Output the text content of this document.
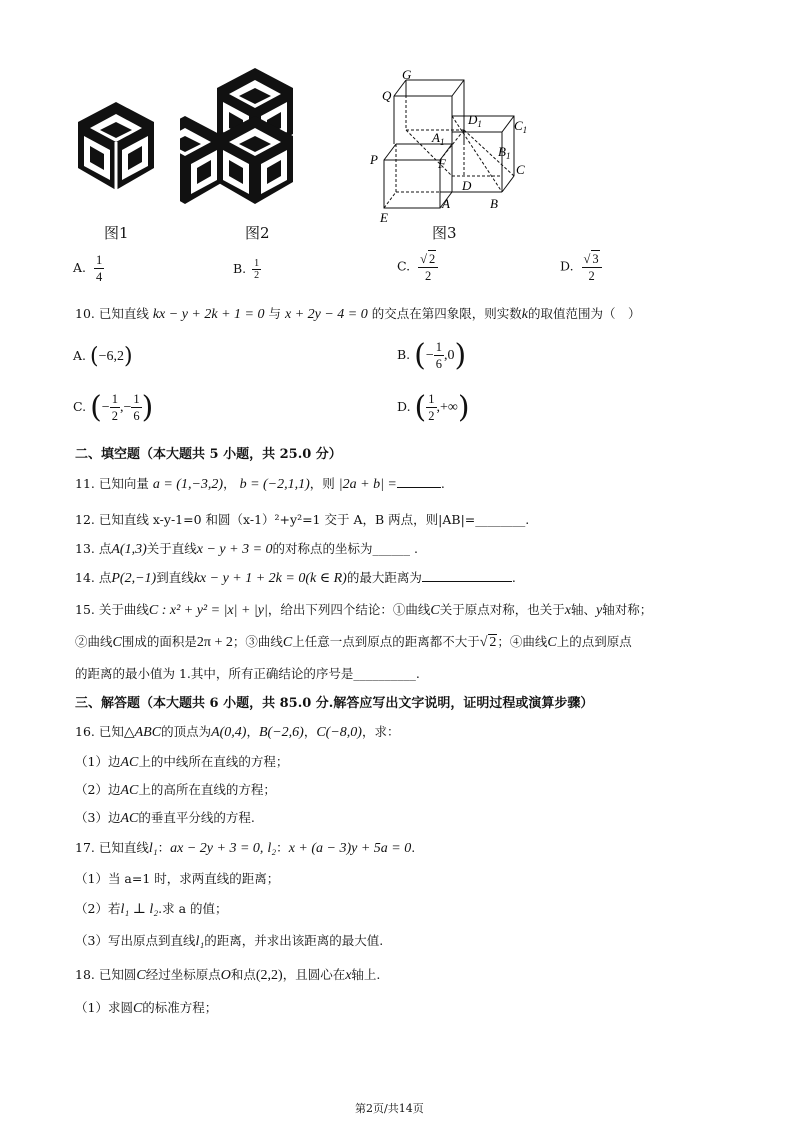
图1	图2
G
Q
$D_1$ $C_1$
$A_1$
$B_1$
P	F	C
D
E
A	B
图3
A. $\frac{1}{4}$	B. $\frac{1}{2}$	C. $\frac{√ 2}{2}$	D. $\frac{√ 3}{2}$
10. 已知直线 kx − y + 2k + 1 = 0 与 x + 2y − 4 = 0 的交点在第四象限，则实数k的取值范围为（　）
A. (−6,2)	B. (− $\frac{1}{6} ,0$)
C. (− $\frac{1}{2}$ ,− $\frac{1}{6}$ )	D. ( $\frac{1}{2}$ ,+∞)
二、填空题（本大题共 5 小题，共 25.0 分）
11. 已知向量 a = (1,−3,2)， b = (−2,1,1)，则 |2a + b| =	.
12. 已知直线 x-y-1=0 和圆（x-1）²+y²=1 交于 A，B 两点，则|AB|=________.
13. 点A(1,3)关于直线x − y + 3 = 0的对称点的坐标为______ .
14. 点P(2,−1)到直线kx − y + 1 + 2k = 0(k ∈ R)的最大距离为	.
15. 关于曲线C : x² + y² = |x| + |y|，给出下列四个结论：①曲线C关于原点对称，也关于x轴、y轴对称；
②曲线C围成的面积是2π + 2；③曲线C上任意一点到原点的距离都不大于√ 2；④曲线C上的点到原点
的距离的最小值为 1.其中，所有正确结论的序号是__________.
三、解答题（本大题共 6 小题，共 85.0 分.解答应写出文字说明，证明过程或演算步骤）
16. 已知△ABC的顶点为A(0,4)，B(−2,6)，C(−8,0)，求：
（1）边AC上的中线所在直线的方程；
（2）边AC上的高所在直线的方程；
（3）边AC的垂直平分线的方程.
17. 已知直线l₁：ax − 2y + 3 = 0, l₂：x + (a − 3)y + 5a = 0.
（1）当 a=1 时，求两直线的距离；
（2）若l₁ ⊥ l₂.求 a 的值；
（3）写出原点到直线l₁的距离，并求出该距离的最大值.
18. 已知圆C经过坐标原点O和点(2,2)，且圆心在x轴上.
（1）求圆C的标准方程；
第2页/共14页
